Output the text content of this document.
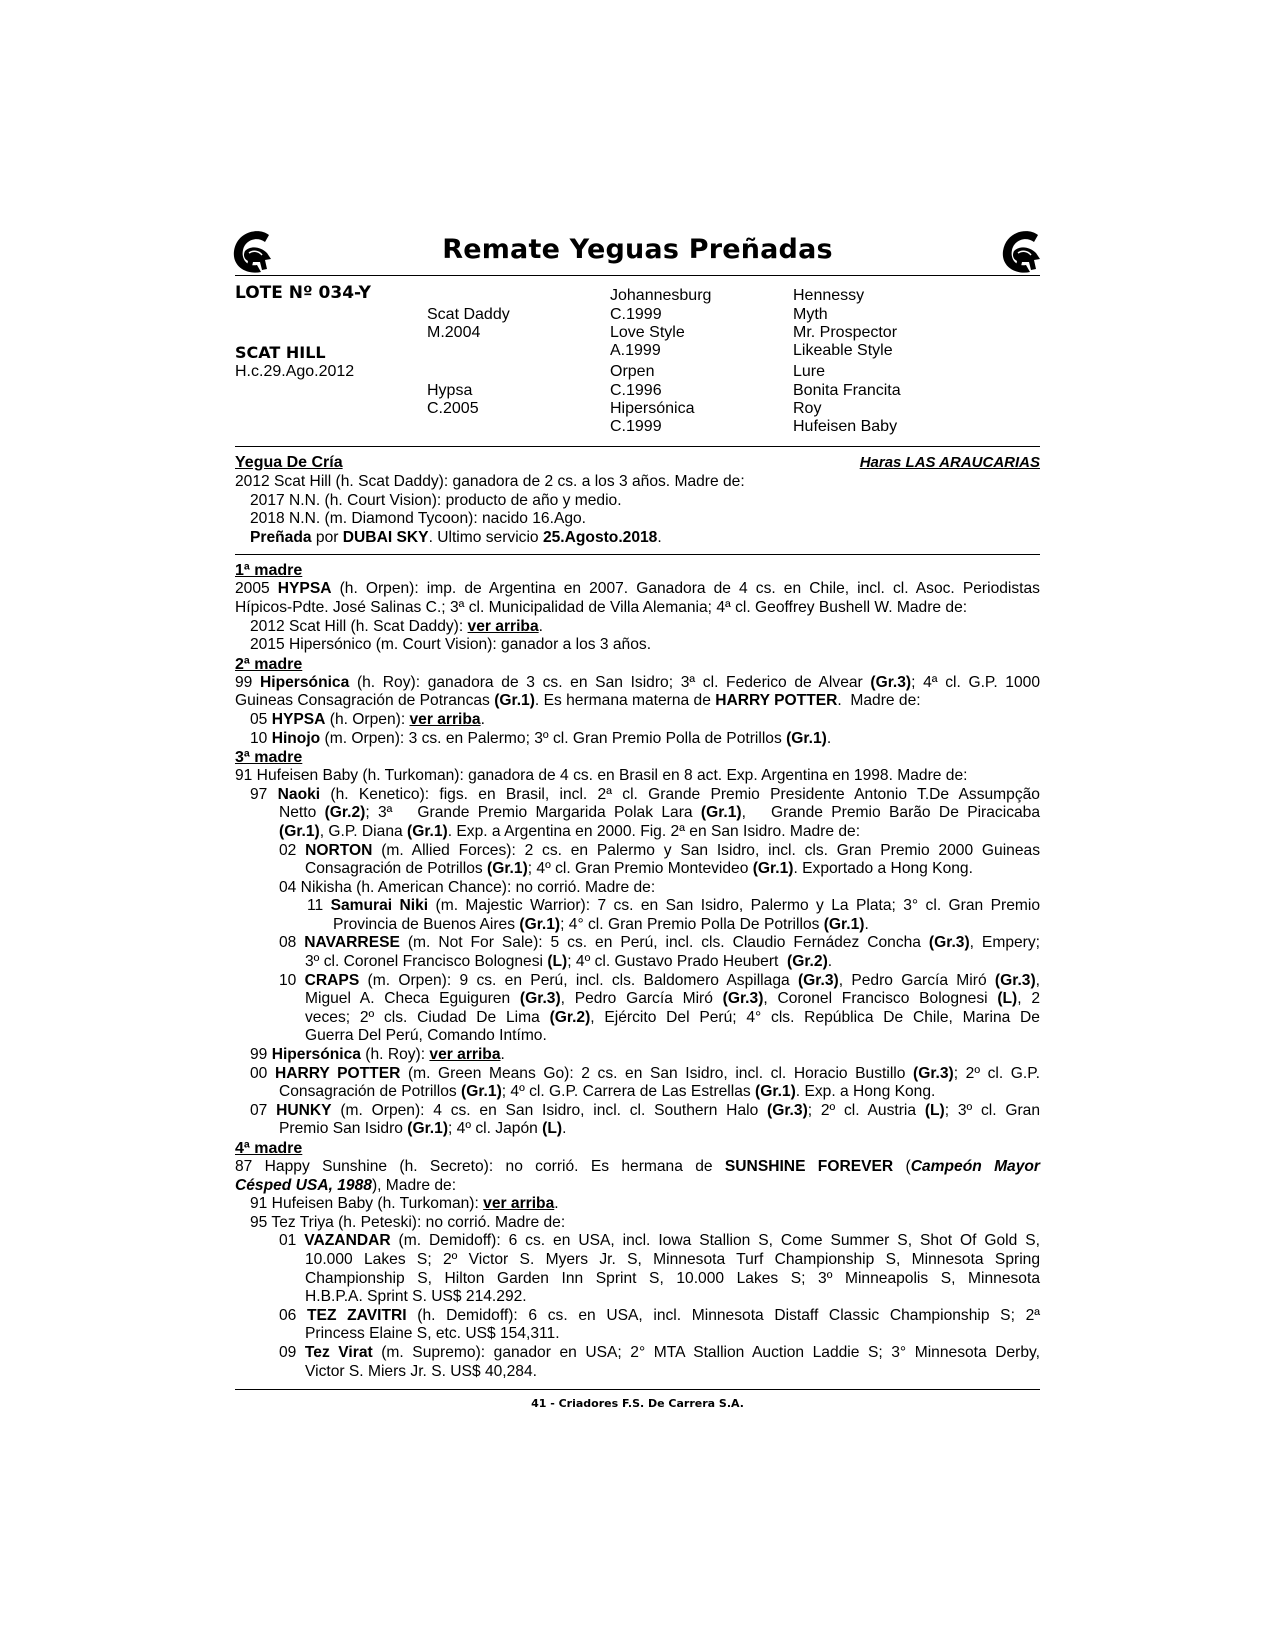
Remate Yeguas Preñadas
LOTE Nº 034-Y
SCAT HILL
H.c.29.Ago.2012
Scat Daddy
M.2004
Hypsa
C.2005
Johannesburg
C.1999
Love Style
A.1999
Orpen
C.1996
Hipersónica
C.1999
Hennessy
Myth
Mr. Prospector
Likeable Style
Lure
Bonita Francita
Roy
Hufeisen Baby
Yegua De Cría	Haras LAS ARAUCARIAS
2012 Scat Hill (h. Scat Daddy): ganadora de 2 cs. a los 3 años. Madre de:
2017 N.N. (h. Court Vision): producto de año y medio.
2018 N.N. (m. Diamond Tycoon): nacido 16.Ago.
Preñada por DUBAI SKY. Ultimo servicio 25.Agosto.2018.
1ª madre
2005 HYPSA (h. Orpen): imp. de Argentina en 2007. Ganadora de 4 cs. en Chile, incl. cl. Asoc. Periodistas
Hípicos-Pdte. José Salinas C.; 3ª cl. Municipalidad de Villa Alemania; 4ª cl. Geoffrey Bushell W. Madre de:
2012 Scat Hill (h. Scat Daddy): ver arriba.
2015 Hipersónico (m. Court Vision): ganador a los 3 años.
2ª madre
99 Hipersónica (h. Roy): ganadora de 3 cs. en San Isidro; 3ª cl. Federico de Alvear (Gr.3); 4ª cl. G.P. 1000
Guineas Consagración de Potrancas (Gr.1). Es hermana materna de HARRY POTTER.  Madre de:
05 HYPSA (h. Orpen): ver arriba.
10 Hinojo (m. Orpen): 3 cs. en Palermo; 3º cl. Gran Premio Polla de Potrillos (Gr.1).
3ª madre
91 Hufeisen Baby (h. Turkoman): ganadora de 4 cs. en Brasil en 8 act. Exp. Argentina en 1998. Madre de:
97 Naoki (h. Kenetico): figs. en Brasil, incl. 2ª cl. Grande Premio Presidente Antonio T.De Assumpção
Netto (Gr.2); 3ª   Grande Premio Margarida Polak Lara (Gr.1),   Grande Premio Barão De Piracicaba
(Gr.1), G.P. Diana (Gr.1). Exp. a Argentina en 2000. Fig. 2ª en San Isidro. Madre de:
02 NORTON (m. Allied Forces): 2 cs. en Palermo y San Isidro, incl. cls. Gran Premio 2000 Guineas
Consagración de Potrillos (Gr.1); 4º cl. Gran Premio Montevideo (Gr.1). Exportado a Hong Kong.
04 Nikisha (h. American Chance): no corrió. Madre de:
11 Samurai Niki (m. Majestic Warrior): 7 cs. en San Isidro, Palermo y La Plata; 3° cl. Gran Premio
Provincia de Buenos Aires (Gr.1); 4° cl. Gran Premio Polla De Potrillos (Gr.1).
08 NAVARRESE (m. Not For Sale): 5 cs. en Perú, incl. cls. Claudio Fernádez Concha (Gr.3), Empery;
3º cl. Coronel Francisco Bolognesi (L); 4º cl. Gustavo Prado Heubert  (Gr.2).
10 CRAPS (m. Orpen): 9 cs. en Perú, incl. cls. Baldomero Aspillaga (Gr.3), Pedro García Miró (Gr.3),
Miguel A. Checa Eguiguren (Gr.3), Pedro García Miró (Gr.3), Coronel Francisco Bolognesi (L), 2
veces; 2º cls. Ciudad De Lima (Gr.2), Ejército Del Perú; 4° cls. República De Chile, Marina De
Guerra Del Perú, Comando Intímo.
99 Hipersónica (h. Roy): ver arriba.
00 HARRY POTTER (m. Green Means Go): 2 cs. en San Isidro, incl. cl. Horacio Bustillo (Gr.3); 2º cl. G.P.
Consagración de Potrillos (Gr.1); 4º cl. G.P. Carrera de Las Estrellas (Gr.1). Exp. a Hong Kong.
07 HUNKY (m. Orpen): 4 cs. en San Isidro, incl. cl. Southern Halo (Gr.3); 2º cl. Austria (L); 3º cl. Gran
Premio San Isidro (Gr.1); 4º cl. Japón (L).
4ª madre
87 Happy Sunshine (h. Secreto): no corrió. Es hermana de SUNSHINE FOREVER (Campeón Mayor
Césped USA, 1988), Madre de:
91 Hufeisen Baby (h. Turkoman): ver arriba.
95 Tez Triya (h. Peteski): no corrió. Madre de:
01 VAZANDAR (m. Demidoff): 6 cs. en USA, incl. Iowa Stallion S, Come Summer S, Shot Of Gold S,
10.000 Lakes S; 2º Victor S. Myers Jr. S, Minnesota Turf Championship S, Minnesota Spring
Championship S, Hilton Garden Inn Sprint S, 10.000 Lakes S; 3º Minneapolis S, Minnesota
H.B.P.A. Sprint S. US$ 214.292.
06 TEZ ZAVITRI (h. Demidoff): 6 cs. en USA, incl. Minnesota Distaff Classic Championship S; 2ª
Princess Elaine S, etc. US$ 154,311.
09 Tez Virat (m. Supremo): ganador en USA; 2° MTA Stallion Auction Laddie S; 3° Minnesota Derby,
Victor S. Miers Jr. S. US$ 40,284.
41 - Criadores F.S. De Carrera S.A.
